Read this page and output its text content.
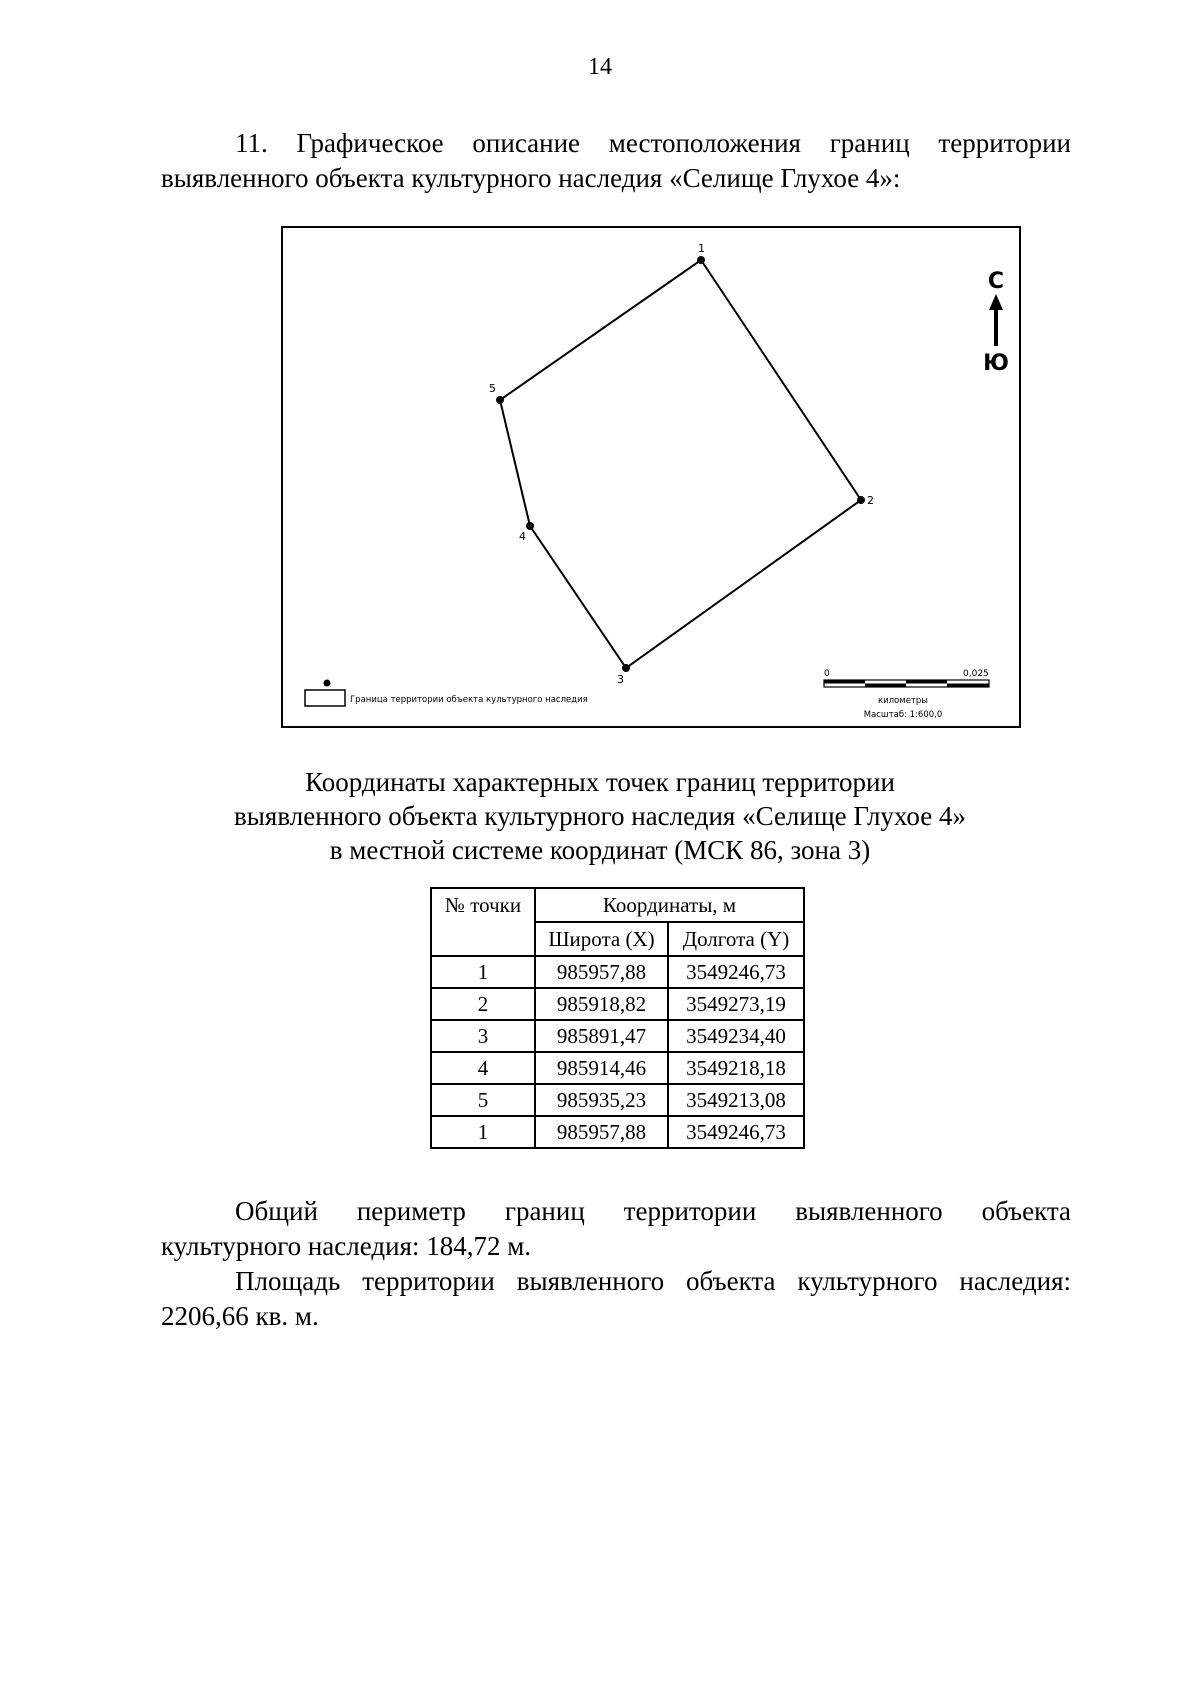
14
11. Графическое описание местоположения границ территории
выявленного объекта культурного наследия «Селище Глухое 4»:
1
2
3
4
5
С
Ю
Граница территории объекта культурного наследия
0	0,025
километры
Масштаб: 1:600,0
Координаты характерных точек границ территории
выявленного объекта культурного наследия «Селище Глухое 4»
в местной системе координат (МСК 86, зона 3)
№ точки	Координаты, м	
	Широта (X)	Долгота (Y)
1	985957,88	3549246,73
2	985918,82	3549273,19
3	985891,47	3549234,40
4	985914,46	3549218,18
5	985935,23	3549213,08
1	985957,88	3549246,73
Общий периметр границ территории выявленного объекта
культурного наследия: 184,72 м.
Площадь территории выявленного объекта культурного наследия:
2206,66 кв. м.
